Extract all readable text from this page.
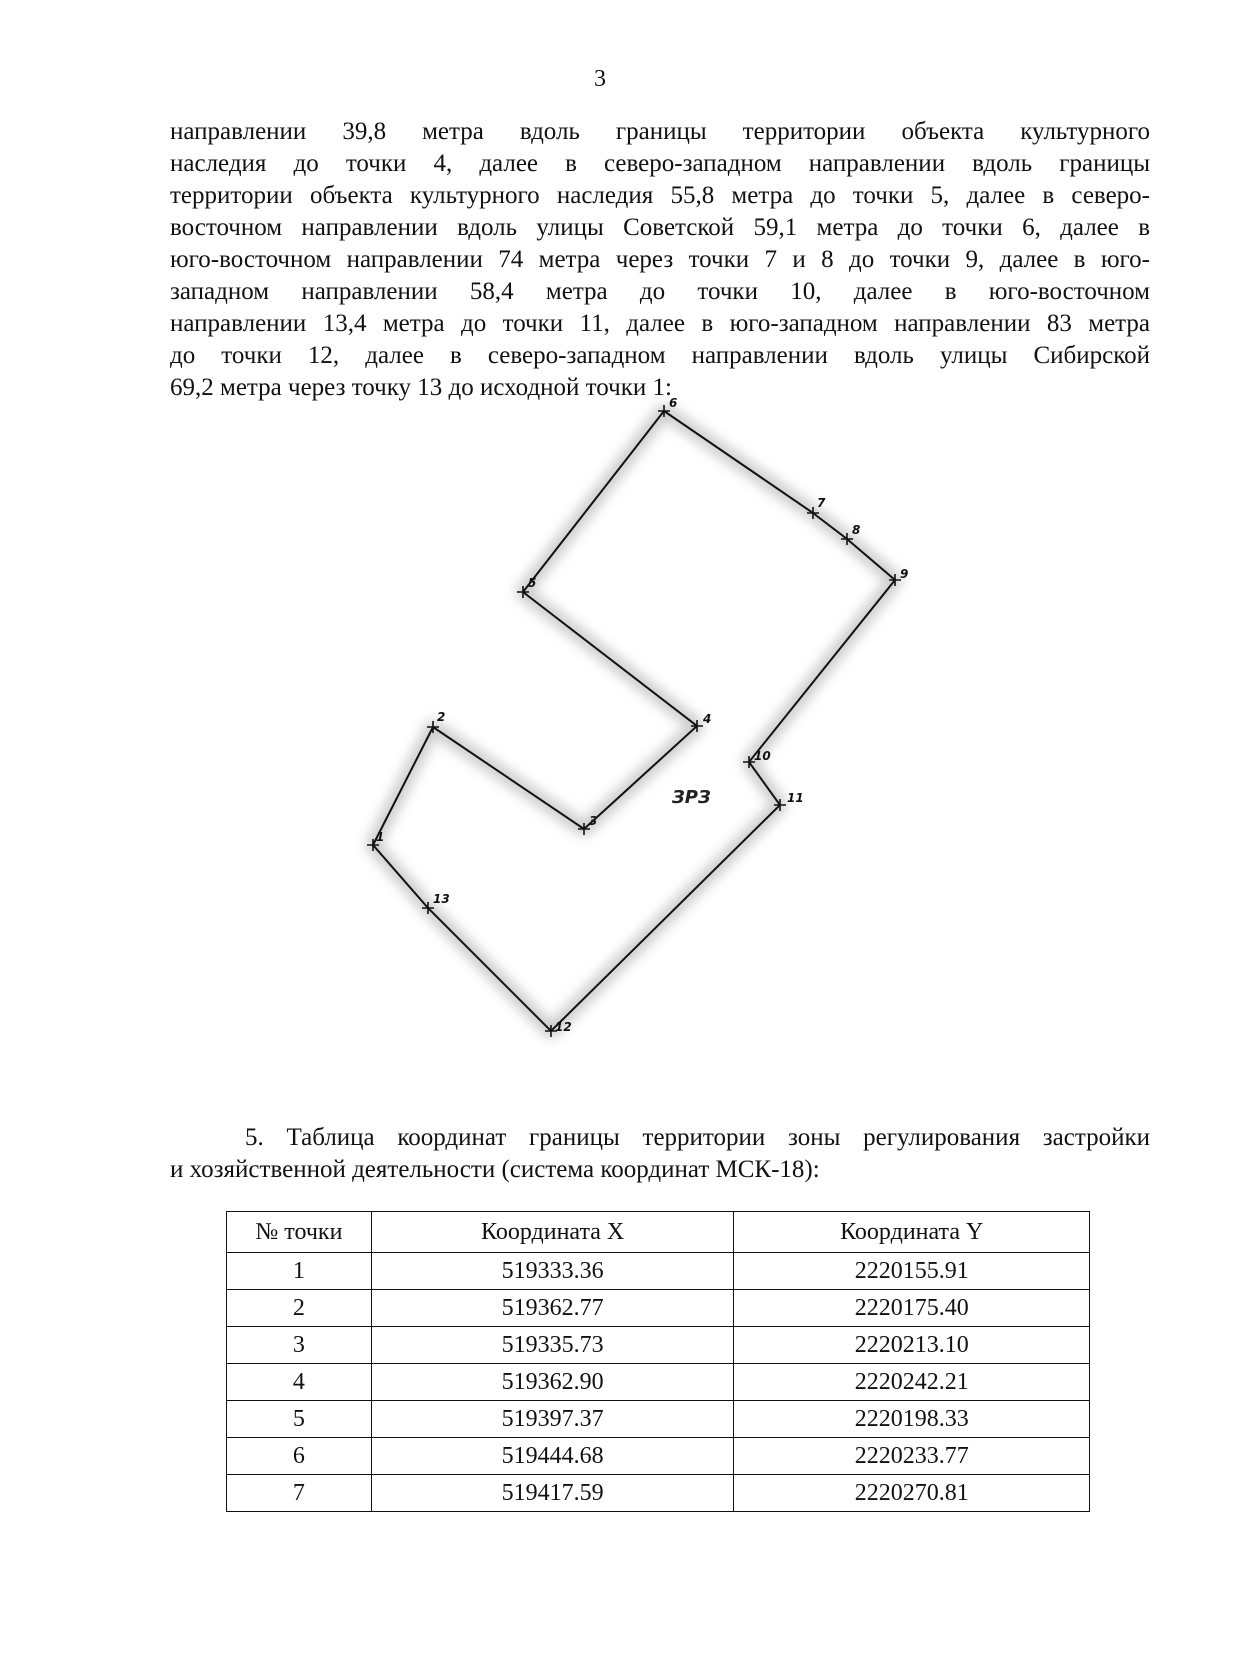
3
направлении 39,8 метра вдоль границы территории объекта культурного
наследия до точки 4, далее в северо-западном направлении вдоль границы
территории объекта культурного наследия 55,8 метра до точки 5, далее в северо-
восточном направлении вдоль улицы Советской 59,1 метра до точки 6, далее в
юго-восточном направлении 74 метра через точки 7 и 8 до точки 9, далее в юго-
западном направлении 58,4 метра до точки 10, далее в юго-восточном
направлении 13,4 метра до точки 11, далее в юго-западном направлении 83 метра
до точки 12, далее в северо-западном направлении вдоль улицы Сибирской
69,2 метра через точку 13 до исходной точки 1:
1
2
3
4
5
6
7
8
9
10
11
12
13
ЗРЗ
5. Таблица координат границы территории зоны регулирования застройки
и хозяйственной деятельности (система координат МСК-18):
№ точки	Координата X	Координата Y
1	519333.36	2220155.91
2	519362.77	2220175.40
3	519335.73	2220213.10
4	519362.90	2220242.21
5	519397.37	2220198.33
6	519444.68	2220233.77
7	519417.59	2220270.81
